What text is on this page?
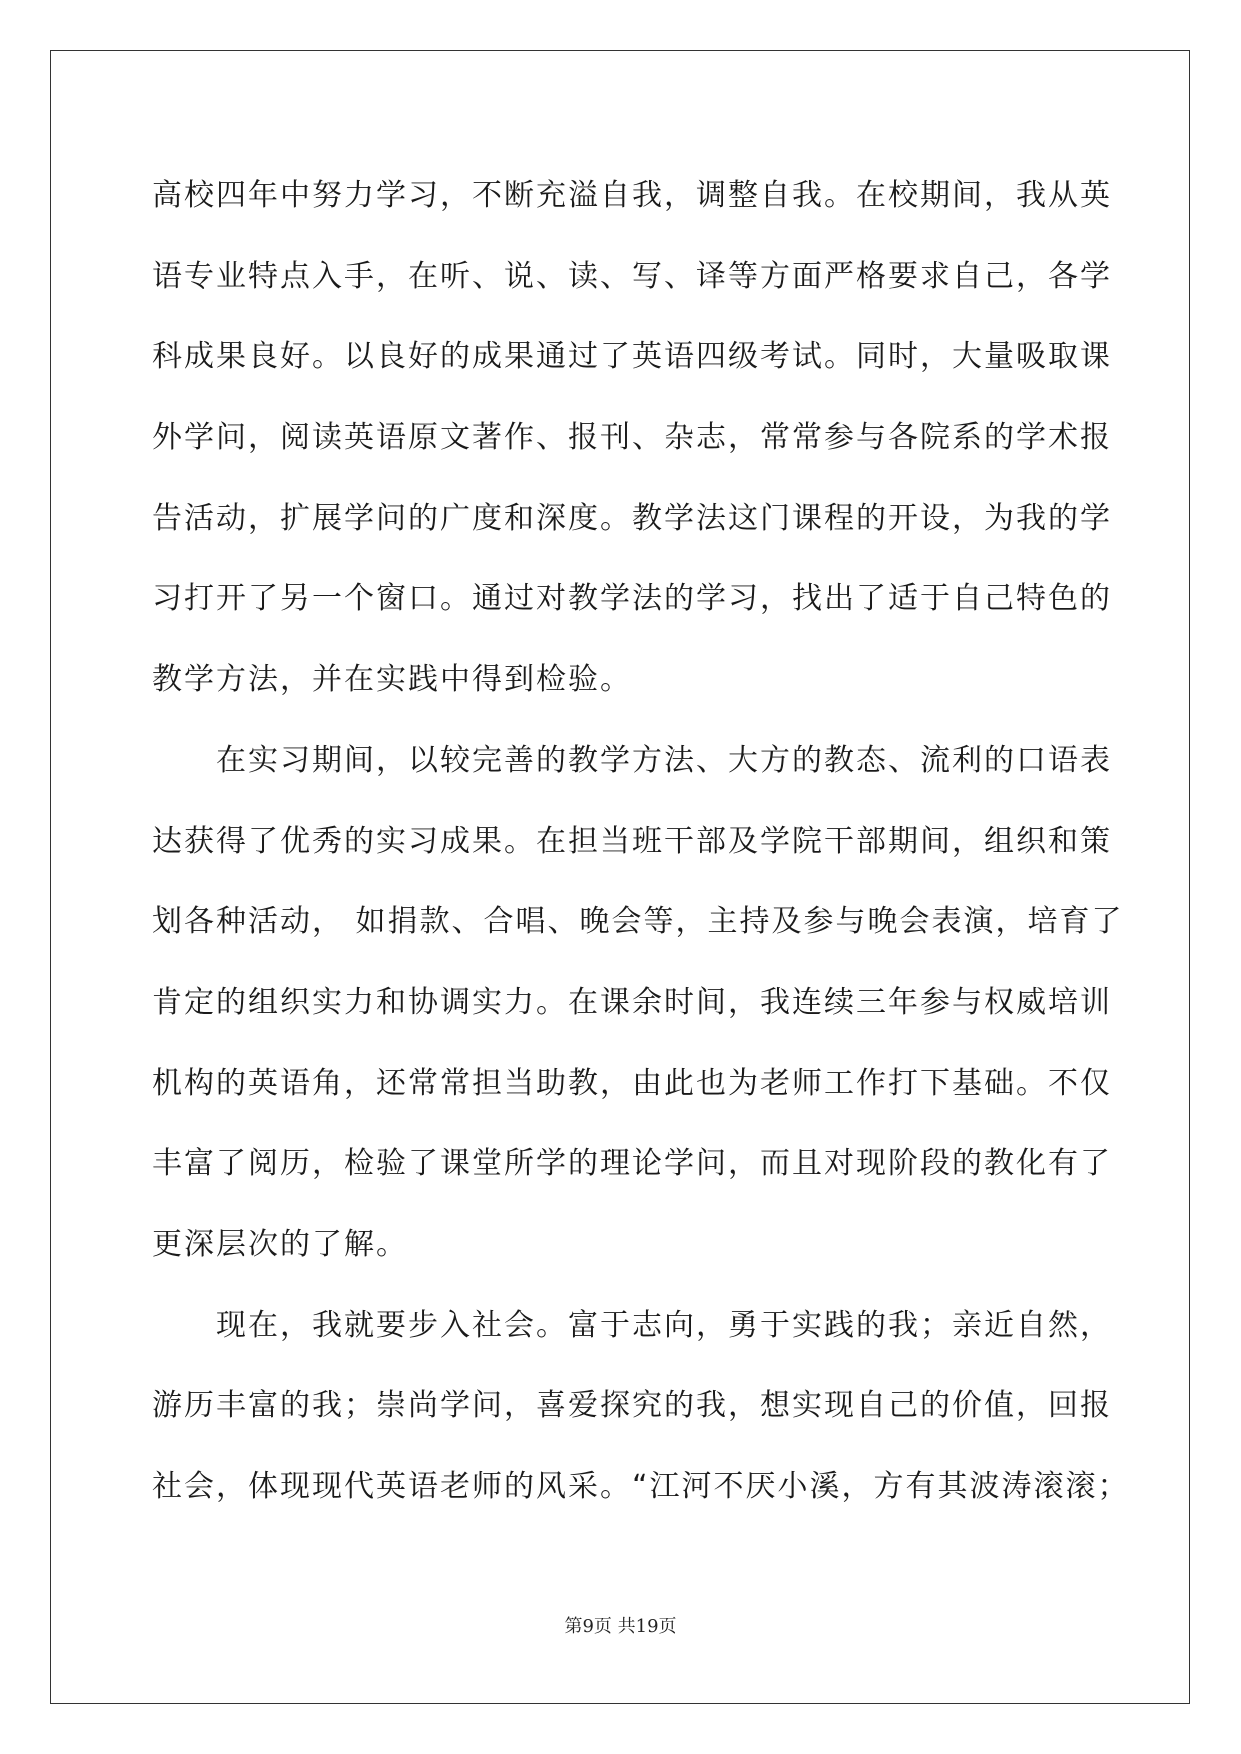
高校四年中努力学习，不断充溢自我，调整自我。在校期间，我从英
语专业特点入手，在听、说、读、写、译等方面严格要求自己，各学
科成果良好。以良好的成果通过了英语四级考试。同时，大量吸取课
外学问，阅读英语原文著作、报刊、杂志，常常参与各院系的学术报
告活动，扩展学问的广度和深度。教学法这门课程的开设，为我的学
习打开了另一个窗口。通过对教学法的学习，找出了适于自己特色的
教学方法，并在实践中得到检验。
在实习期间，以较完善的教学方法、大方的教态、流利的口语表
达获得了优秀的实习成果。在担当班干部及学院干部期间，组织和策
划各种活动， 如捐款、合唱、晚会等，主持及参与晚会表演，培育了
肯定的组织实力和协调实力。在课余时间，我连续三年参与权威培训
机构的英语角，还常常担当助教，由此也为老师工作打下基础。不仅
丰富了阅历，检验了课堂所学的理论学问，而且对现阶段的教化有了
更深层次的了解。
现在，我就要步入社会。富于志向，勇于实践的我；亲近自然，
游历丰富的我；崇尚学问，喜爱探究的我，想实现自己的价值，回报
社会，体现现代英语老师的风采。“江河不厌小溪，方有其波涛滚滚；
第9页 共19页
